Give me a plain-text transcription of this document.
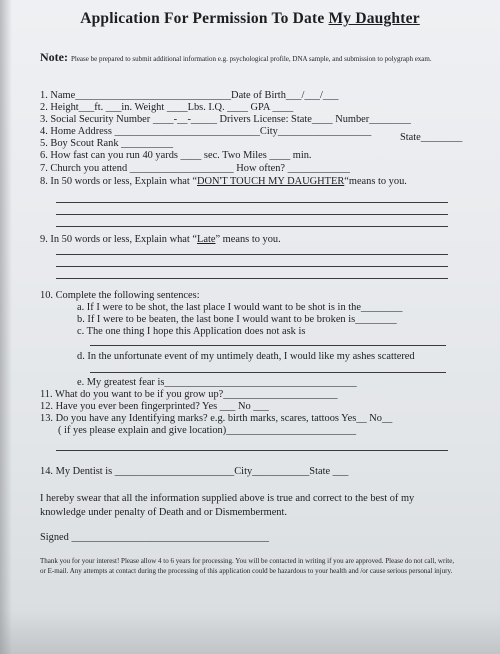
Application For Permission To Date My Daughter
Note: Please be prepared to submit additional information e.g. psychological profile, DNA sample, and submission to polygraph exam.
1. Name______________________________Date of Birth___/___/___
2. Height___ft. ___in. Weight ____Lbs. I.Q. ____ GPA ____
3. Social Security Number ____-__-_____ Drivers License: State____ Number________
4. Home Address ____________________________City__________________
State________
5. Boy Scout Rank __________
6. How fast can you run 40 yards ____ sec. Two Miles ____ min.
7. Church you attend ____________________ How often? ____________
8. In 50 words or less, Explain what “DON'T TOUCH MY DAUGHTER“means to you.
9. In 50 words or less, Explain what “Late” means to you.
10. Complete the following sentences:
a. If I were to be shot, the last place I would want to be shot is in the________
b. If I were to be beaten, the last bone I would want to be broken is________
c. The one thing I hope this Application does not ask is
d. In the unfortunate event of my untimely death, I would like my ashes scattered
e. My greatest fear is_____________________________________
11. What do you want to be if you grow up?______________________
12. Have you ever been fingerprinted? Yes ___ No ___
13. Do you have any Identifying marks? e.g. birth marks, scares, tattoos Yes__ No__
( if yes please explain and give location)_________________________
14. My Dentist is _______________________City___________State ___
I hereby swear that all the information supplied above is true and correct to the best of my knowledge under penalty of Death and or Dismemberment.
Signed ______________________________________
Thank you for your interest! Please allow 4 to 6 years for processing. You will be contacted in writing if you are approved. Please do not call, write, or E-mail. Any attempts at contact during the processing of this application could be hazardous to your health and /or cause serious personal injury.
